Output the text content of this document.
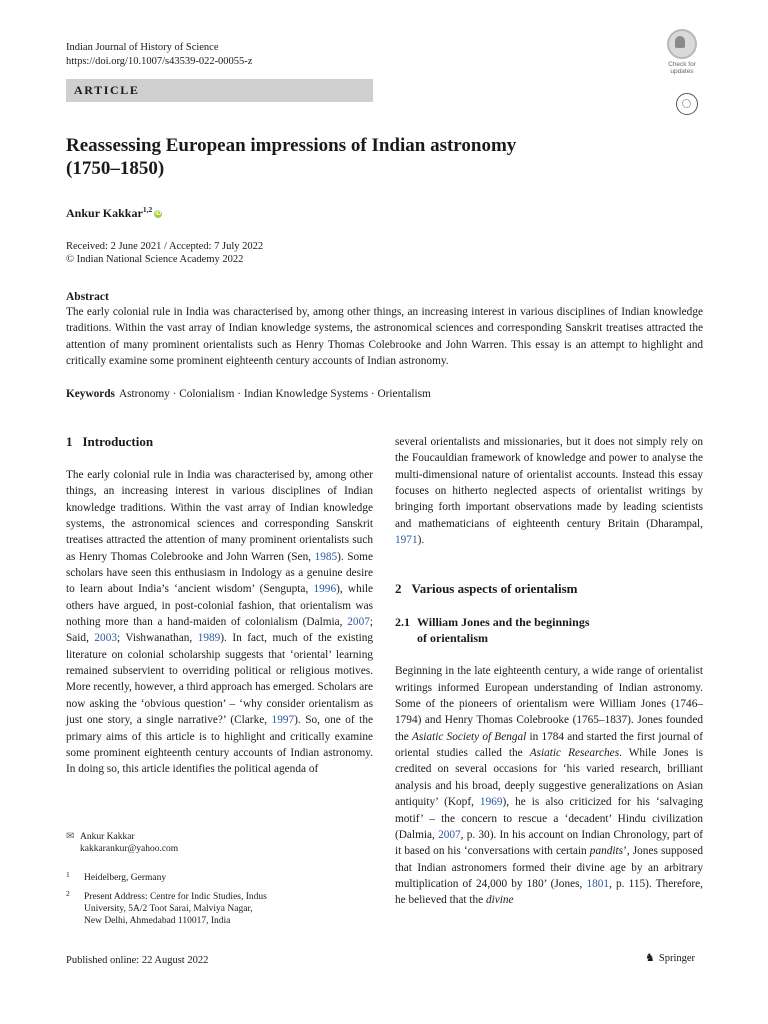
Indian Journal of History of Science
https://doi.org/10.1007/s43539-022-00055-z	Check for
updates
ARTICLE
Reassessing European impressions of Indian astronomy
(1750–1850)
Ankur Kakkar$^{1,2}$ iD
Received: 2 June 2021 / Accepted: 7 July 2022
© Indian National Science Academy 2022
Abstract

The early colonial rule in India was characterised by, among other things, an increasing interest in various disciplines of Indian knowledge traditions. Within the vast array of Indian knowledge systems, the astronomical sciences and corresponding Sanskrit treatises attracted the attention of many prominent orientalists such as Henry Thomas Colebrooke and John Warren. This essay is an attempt to highlight and critically examine some prominent eighteenth century accounts of Indian astronomy.

Keywords Astronomy · Colonialism · Indian Knowledge Systems · Orientalism
1 Introduction

The early colonial rule in India was characterised by, among other things, an increasing interest in various disciplines of Indian knowledge traditions. Within the vast array of Indian knowledge systems, the astronomical sciences and corresponding Sanskrit treatises attracted the attention of many prominent orientalists such as Henry Thomas Colebrooke and John Warren (Sen, 1985). Some scholars have seen this enthusiasm in Indology as a genuine desire to learn about India’s ‘ancient wisdom’ (Sengupta, 1996), while others have argued, in post-colonial fashion, that orientalism was nothing more than a hand-maiden of colonialism (Dalmia, 2007; Said, 2003; Vishwanathan, 1989). In fact, much of the existing literature on colonial scholarship suggests that ‘oriental’ learning remained subservient to overriding political or religious motives. More recently, however, a third approach has emerged. Scholars are now asking the ‘obvious question’ – ‘why consider orientalism as just one story, a single narrative?’ (Clarke, 1997). So, one of the primary aims of this article is to highlight and critically examine some prominent eighteenth century accounts of Indian astronomy. In doing so, this article identifies the political agenda of

several orientalists and missionaries, but it does not simply rely on the Foucauldian framework of knowledge and power to analyse the multi-dimensional nature of orientalist accounts. Instead this essay focuses on hitherto neglected aspects of orientalist writings by bringing forth important observations made by leading scientists and mathematicians of eighteenth century Britain (Dharampal, 1971).

2 Various aspects of orientalism
2.1 William Jones and the beginnings
of orientalism

Beginning in the late eighteenth century, a wide range of orientalist writings informed European understanding of Indian astronomy. Some of the pioneers of orientalism were William Jones (1746–1794) and Henry Thomas Colebrooke (1765–1837). Jones founded the Asiatic Society of Bengal in 1784 and started the first journal of oriental studies called the Asiatic Researches. While Jones is credited on several occasions for ‘his varied research, brilliant analysis and his broad, deeply suggestive generalizations on Asian antiquity’ (Kopf, 1969), he is also criticized for his ‘salvaging motif’ – the concern to rescue a ‘decadent’ Hindu civilization (Dalmia, 2007, p. 30). In his account on Indian Chronology, part of it based on his ‘conversations with certain pandits’, Jones supposed that Indian astronomers formed their divine age by an arbitrary multiplication of 24,000 by 180’ (Jones, 1801, p. 115). Therefore, he believed that the divine

✉ Ankur Kakkar
kakkarankur@yahoo.com
1 Heidelberg, Germany
2 Present Address: Centre for Indic Studies, Indus
University, 5A/2 Toot Sarai, Malviya Nagar,
New Delhi, Ahmedabad 110017, India
Published online: 22 August 2022	♞ Springer
